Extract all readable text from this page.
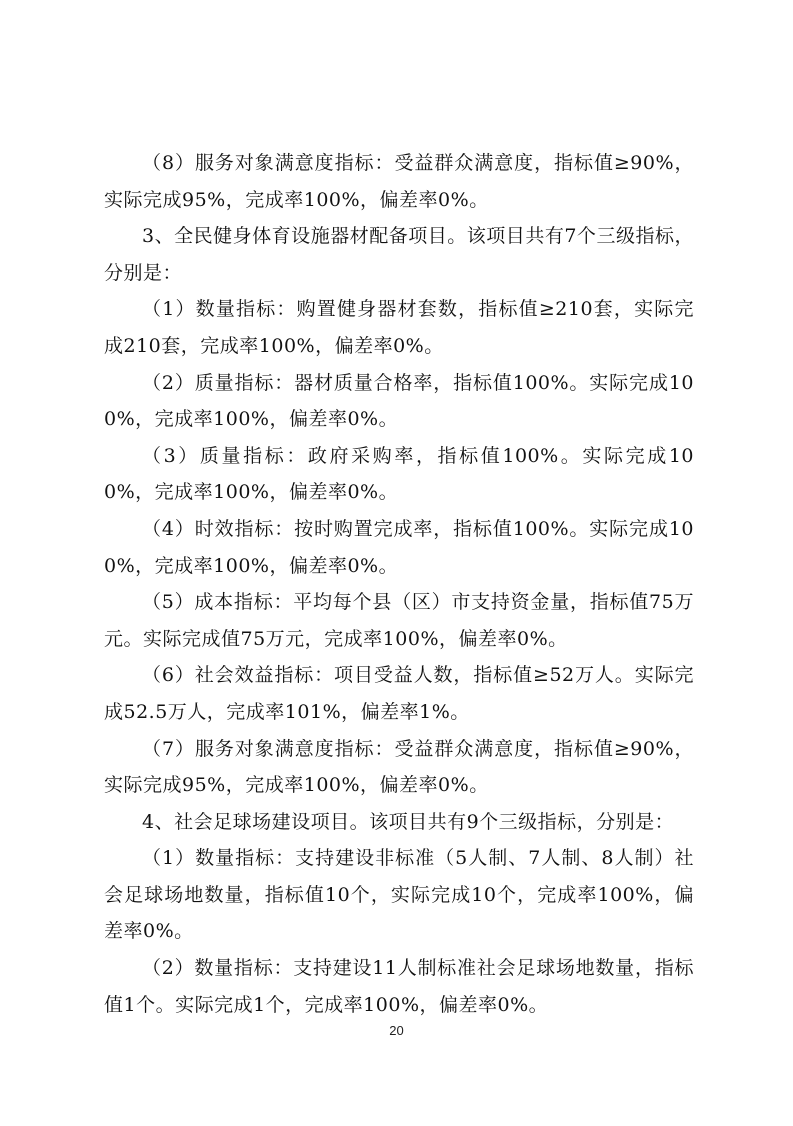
（8）服务对象满意度指标：受益群众满意度，指标值≥90%，实际完成95%，完成率100%，偏差率0%。

3、全民健身体育设施器材配备项目。该项目共有7个三级指标，分别是：

（1）数量指标：购置健身器材套数，指标值≥210套，实际完成210套，完成率100%，偏差率0%。

（2）质量指标：器材质量合格率，指标值100%。实际完成100%，完成率100%，偏差率0%。

（3）质量指标：政府采购率，指标值100%。实际完成100%，完成率100%，偏差率0%。

（4）时效指标：按时购置完成率，指标值100%。实际完成100%，完成率100%，偏差率0%。

（5）成本指标：平均每个县（区）市支持资金量，指标值75万元。实际完成值75万元，完成率100%，偏差率0%。

（6）社会效益指标：项目受益人数，指标值≥52万人。实际完成52.5万人，完成率101%，偏差率1%。

（7）服务对象满意度指标：受益群众满意度，指标值≥90%，实际完成95%，完成率100%，偏差率0%。

4、社会足球场建设项目。该项目共有9个三级指标，分别是：

（1）数量指标：支持建设非标准（5人制、7人制、8人制）社会足球场地数量，指标值10个，实际完成10个，完成率100%，偏差率0%。

（2）数量指标：支持建设11人制标准社会足球场地数量，指标值1个。实际完成1个，完成率100%，偏差率0%。

20
